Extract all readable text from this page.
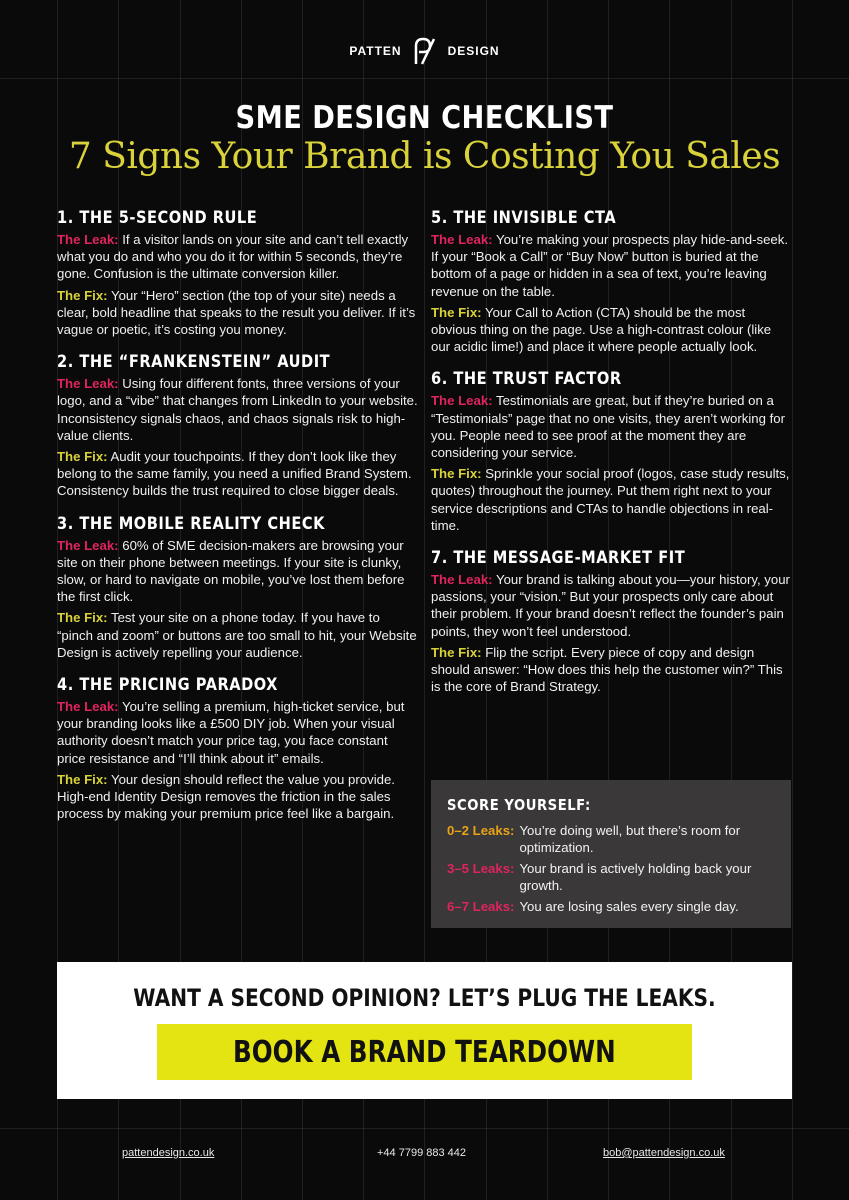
PATTEN	DESIGN
SME DESIGN CHECKLIST
7 Signs Your Brand is Costing You Sales
1. THE 5-SECOND RULE

The Leak: If a visitor lands on your site and can’t tell exactly what you do and who you do it for within 5 seconds, they’re gone. Confusion is the ultimate conversion killer.

The Fix: Your “Hero” section (the top of your site) needs a clear, bold headline that speaks to the result you deliver. If it’s vague or poetic, it’s costing you money.

2. THE “FRANKENSTEIN” AUDIT

The Leak: Using four different fonts, three versions of your logo, and a “vibe” that changes from LinkedIn to your website. Inconsistency signals chaos, and chaos signals risk to high-value clients.

The Fix: Audit your touchpoints. If they don’t look like they belong to the same family, you need a unified Brand System. Consistency builds the trust required to close bigger deals.

3. THE MOBILE REALITY CHECK

The Leak: 60% of SME decision-makers are browsing your site on their phone between meetings. If your site is clunky, slow, or hard to navigate on mobile, you’ve lost them before the first click.

The Fix: Test your site on a phone today. If you have to “pinch and zoom” or buttons are too small to hit, your Website Design is actively repelling your audience.

4. THE PRICING PARADOX

The Leak: You’re selling a premium, high-ticket service, but your branding looks like a £500 DIY job. When your visual authority doesn’t match your price tag, you face constant price resistance and “I’ll think about it” emails.

The Fix: Your design should reflect the value you provide. High-end Identity Design removes the friction in the sales process by making your premium price feel like a bargain.

5. THE INVISIBLE CTA

The Leak: You’re making your prospects play hide-and-seek. If your “Book a Call” or “Buy Now” button is buried at the bottom of a page or hidden in a sea of text, you’re leaving revenue on the table.

The Fix: Your Call to Action (CTA) should be the most obvious thing on the page. Use a high-contrast colour (like our acidic lime!) and place it where people actually look.

6. THE TRUST FACTOR

The Leak: Testimonials are great, but if they’re buried on a “Testimonials” page that no one visits, they aren’t working for you. People need to see proof at the moment they are considering your service.

The Fix: Sprinkle your social proof (logos, case study results, quotes) throughout the journey. Put them right next to your service descriptions and CTAs to handle objections in real-time.

7. THE MESSAGE-MARKET FIT

The Leak: Your brand is talking about you—your history, your passions, your “vision.” But your prospects only care about their problem. If your brand doesn’t reflect the founder’s pain points, they won’t feel understood.

The Fix: Flip the script. Every piece of copy and design should answer: “How does this help the customer win?” This is the core of Brand Strategy.

SCORE YOURSELF:
0–2 Leaks: You’re doing well, but there’s room for optimization.
3–5 Leaks: Your brand is actively holding back your growth.
6–7 Leaks: You are losing sales every single day.
WANT A SECOND OPINION? LET’S PLUG THE LEAKS.
BOOK A BRAND TEARDOWN
pattendesign.co.uk	+44 7799 883 442	bob@pattendesign.co.uk
